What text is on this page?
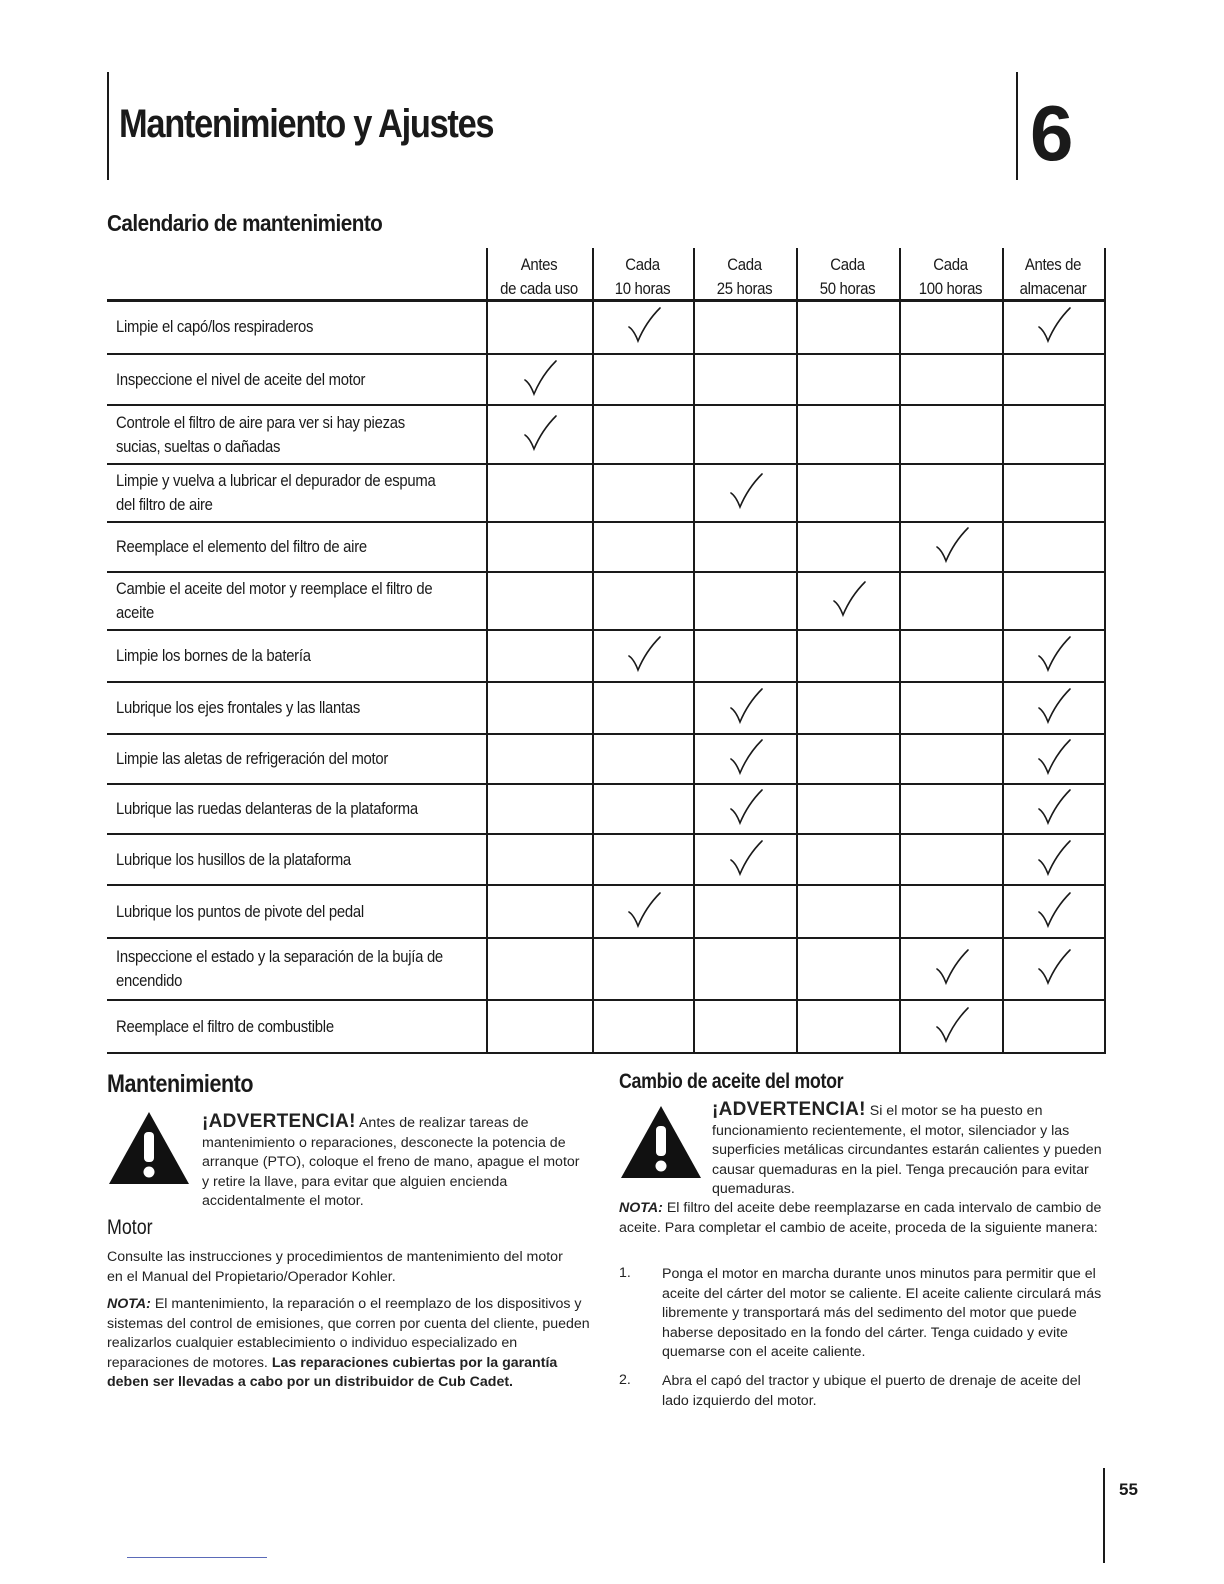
Mantenimiento y Ajustes	6
Calendario de mantenimiento
Antes
de cada uso
Cada
10 horas
Cada
25 horas
Cada
50 horas
Cada
100 horas
Antes de
almacenar
Limpie el capó/los respiraderos
Inspeccione el nivel de aceite del motor
Controle el filtro de aire para ver si hay piezas sucias, sueltas o dañadas
Limpie y vuelva a lubricar el depurador de espuma del filtro de aire
Reemplace el elemento del filtro de aire
Cambie el aceite del motor y reemplace el filtro de aceite
Limpie los bornes de la batería
Lubrique los ejes frontales y las llantas
Limpie las aletas de refrigeración del motor
Lubrique las ruedas delanteras de la plataforma
Lubrique los husillos de la plataforma
Lubrique los puntos de pivote del pedal
Inspeccione el estado y la separación de la bujía de encendido
Reemplace el filtro de combustible
Mantenimiento
¡ADVERTENCIA! Antes de realizar tareas de mantenimiento o reparaciones, desconecte la potencia de arranque (PTO), coloque el freno de mano, apague el motor y retire la llave, para evitar que alguien encienda accidentalmente el motor.
Motor
Consulte las instrucciones y procedimientos de mantenimiento del motor en el Manual del Propietario/Operador Kohler.
NOTA: El mantenimiento, la reparación o el reemplazo de los dispositivos y sistemas del control de emisiones, que corren por cuenta del cliente, pueden realizarlos cualquier establecimiento o individuo especializado en reparaciones de motores. Las reparaciones cubiertas por la garantía deben ser llevadas a cabo por un distribuidor de Cub Cadet.
Cambio de aceite del motor
¡ADVERTENCIA! Si el motor se ha puesto en funcionamiento recientemente, el motor, silenciador y las superficies metálicas circundantes estarán calientes y pueden causar quemaduras en la piel. Tenga precaución para evitar quemaduras.
NOTA: El filtro del aceite debe reemplazarse en cada intervalo de cambio de aceite. Para completar el cambio de aceite, proceda de la siguiente manera:
1. Ponga el motor en marcha durante unos minutos para permitir que el aceite del cárter del motor se caliente. El aceite caliente circulará más libremente y transportará más del sedimento del motor que puede haberse depositado en la fondo del cárter. Tenga cuidado y evite quemarse con el aceite caliente.
2. Abra el capó del tractor y ubique el puerto de drenaje de aceite del lado izquierdo del motor.
55
